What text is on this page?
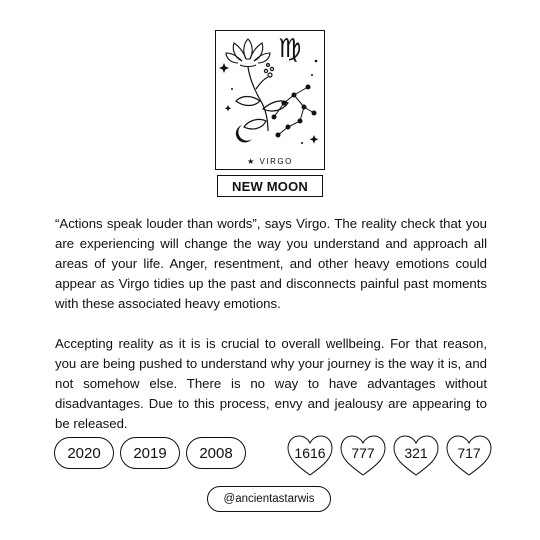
♍
★ VIRGO
NEW MOON
“Actions speak louder than words”, says Virgo. The reality check that you are experiencing will change the way you understand and approach all areas of your life. Anger, resentment, and other heavy emotions could appear as Virgo tidies up the past and disconnects painful past moments with these associated heavy emotions.
Accepting reality as it is is crucial to overall wellbeing. For that reason, you are being pushed to understand why your journey is the way it is, and not somehow else. There is no way to have advantages without disadvantages. Due to this process, envy and jealousy are appearing to be released.
2020	2019	2008	1616	777	321	717
@ancientastarwis
